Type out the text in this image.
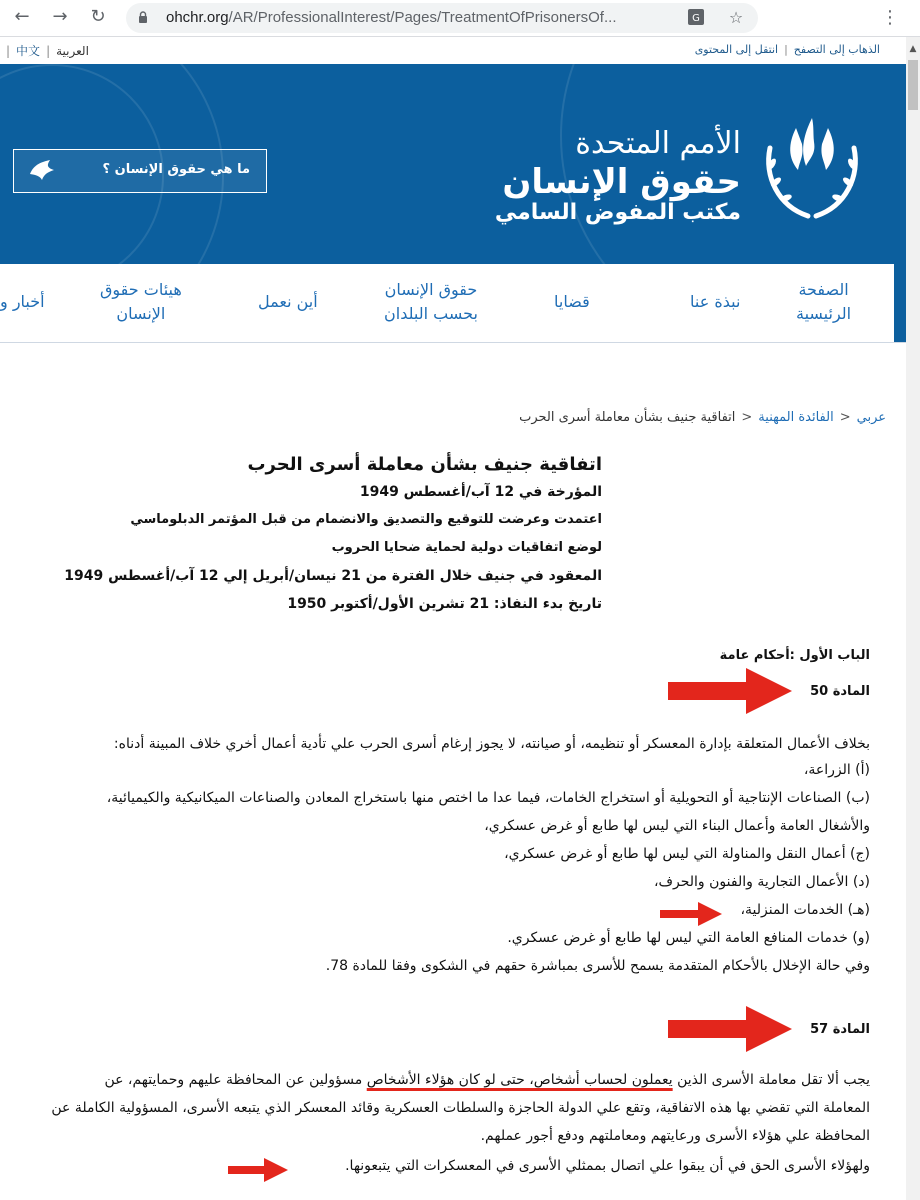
← → ↻	ohchr.org/AR/ProfessionalInterest/Pages/TreatmentOfPrisonersOf...	G ☆	⋮
▲
| 中文 | العربية	الذهاب إلى التصفح|انتقل إلى المحتوى
ما هي حقوق الإنسان ؟
الأمم المتحدة
حقوق الإنسان
مكتب المفوض السامي
الصفحة
الرئيسية
نبذة عنا
قضايا
حقوق الإنسان
بحسب البلدان
أين نعمل
هيئات حقوق
الإنسان
أخبار و
عربي<الفائدة المهنية<اتفاقية جنيف بشأن معاملة أسرى الحرب
اتفاقية جنيف بشأن معاملة أسرى الحرب
المؤرخة في 12 آب/أغسطس 1949
اعتمدت وعرضت للتوقيع والتصديق والانضمام من قبل المؤتمر الدبلوماسي
لوضع اتفاقيات دولية لحماية ضحايا الحروب
المعقود في جنيف خلال الفترة من 21 نيسان/أبريل إلي 12 آب/أغسطس 1949
تاريخ بدء النفاذ: 21 تشرين الأول/أكتوبر 1950
الباب الأول :أحكام عامة
المادة 50
بخلاف الأعمال المتعلقة بإدارة المعسكر أو تنظيمه، أو صيانته، لا يجوز إرغام أسرى الحرب علي تأدية أعمال أخري خلاف المبينة أدناه:
(أ) الزراعة،
(ب) الصناعات الإنتاجية أو التحويلية أو استخراج الخامات، فيما عدا ما اختص منها باستخراج المعادن والصناعات الميكانيكية والكيميائية،
والأشغال العامة وأعمال البناء التي ليس لها طابع أو غرض عسكري،
(ج) أعمال النقل والمناولة التي ليس لها طابع أو غرض عسكري،
(د) الأعمال التجارية والفنون والحرف،
(هـ) الخدمات المنزلية،
(و) خدمات المنافع العامة التي ليس لها طابع أو غرض عسكري.
وفي حالة الإخلال بالأحكام المتقدمة يسمح للأسرى بمباشرة حقهم في الشكوى وفقا للمادة 78.
المادة 57
يجب ألا تقل معاملة الأسرى الذين يعملون لحساب أشخاص، حتى لو كان هؤلاء الأشخاص مسؤولين عن المحافظة عليهم وحمايتهم، عن
المعاملة التي تقضي بها هذه الاتفاقية، وتقع علي الدولة الحاجزة والسلطات العسكرية وقائد المعسكر الذي يتبعه الأسرى، المسؤولية الكاملة عن
المحافظة علي هؤلاء الأسرى ورعايتهم ومعاملتهم ودفع أجور عملهم.
ولهؤلاء الأسرى الحق في أن يبقوا علي اتصال بممثلي الأسرى في المعسكرات التي يتبعونها.
